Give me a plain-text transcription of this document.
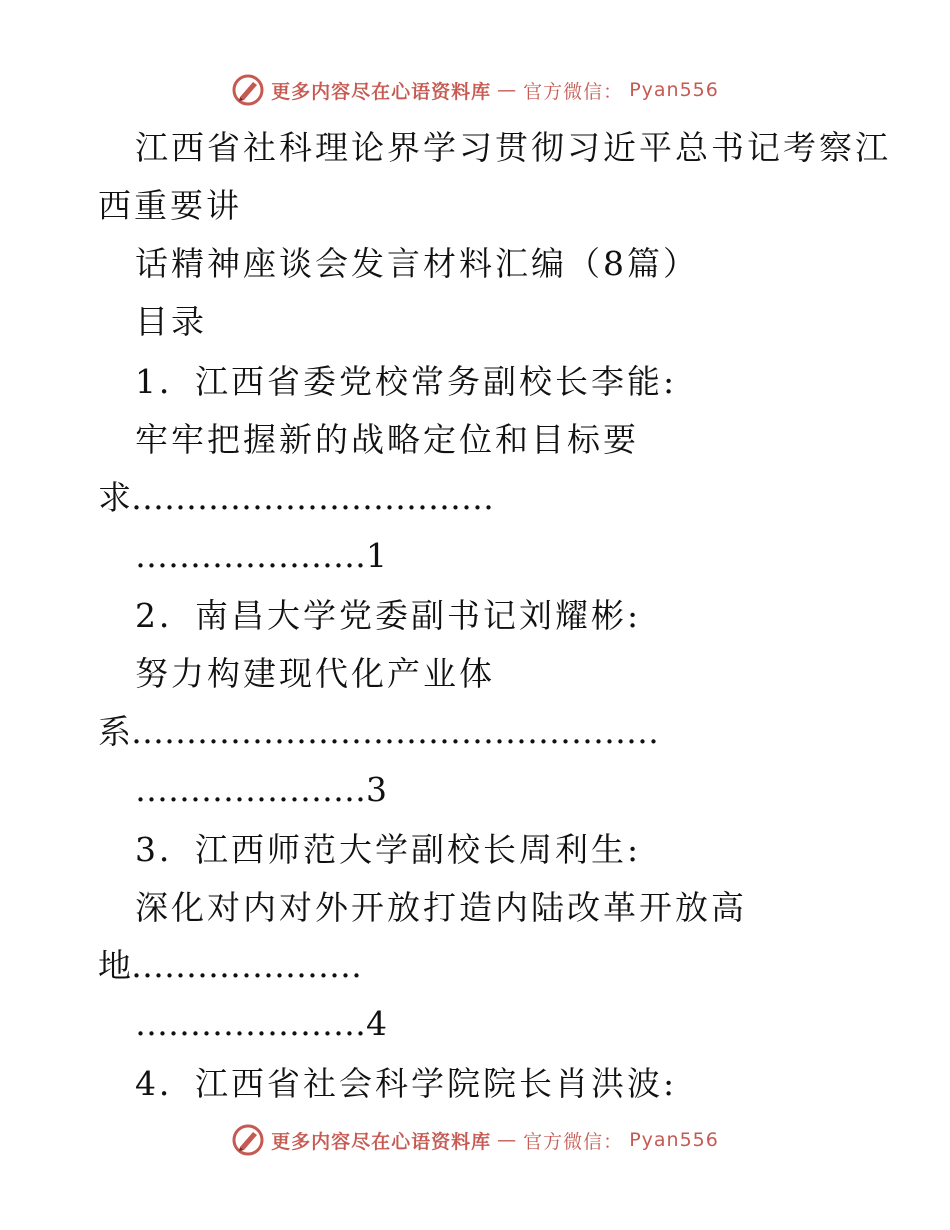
更多内容尽在心语资料库 — 官方微信： Pyan556
江西省社科理论界学习贯彻习近平总书记考察江
西重要讲
话精神座谈会发言材料汇编（8篇）
目录
1．江西省委党校常务副校长李能:
牢牢把握新的战略定位和目标要
求……………………………
…………………1
2．南昌大学党委副书记刘耀彬:
努力构建现代化产业体
系…………………………………………
…………………3
3．江西师范大学副校长周利生:
深化对内对外开放打造内陆改革开放高
地…………………
…………………4
4．江西省社会科学院院长肖洪波:
更多内容尽在心语资料库 — 官方微信： Pyan556
